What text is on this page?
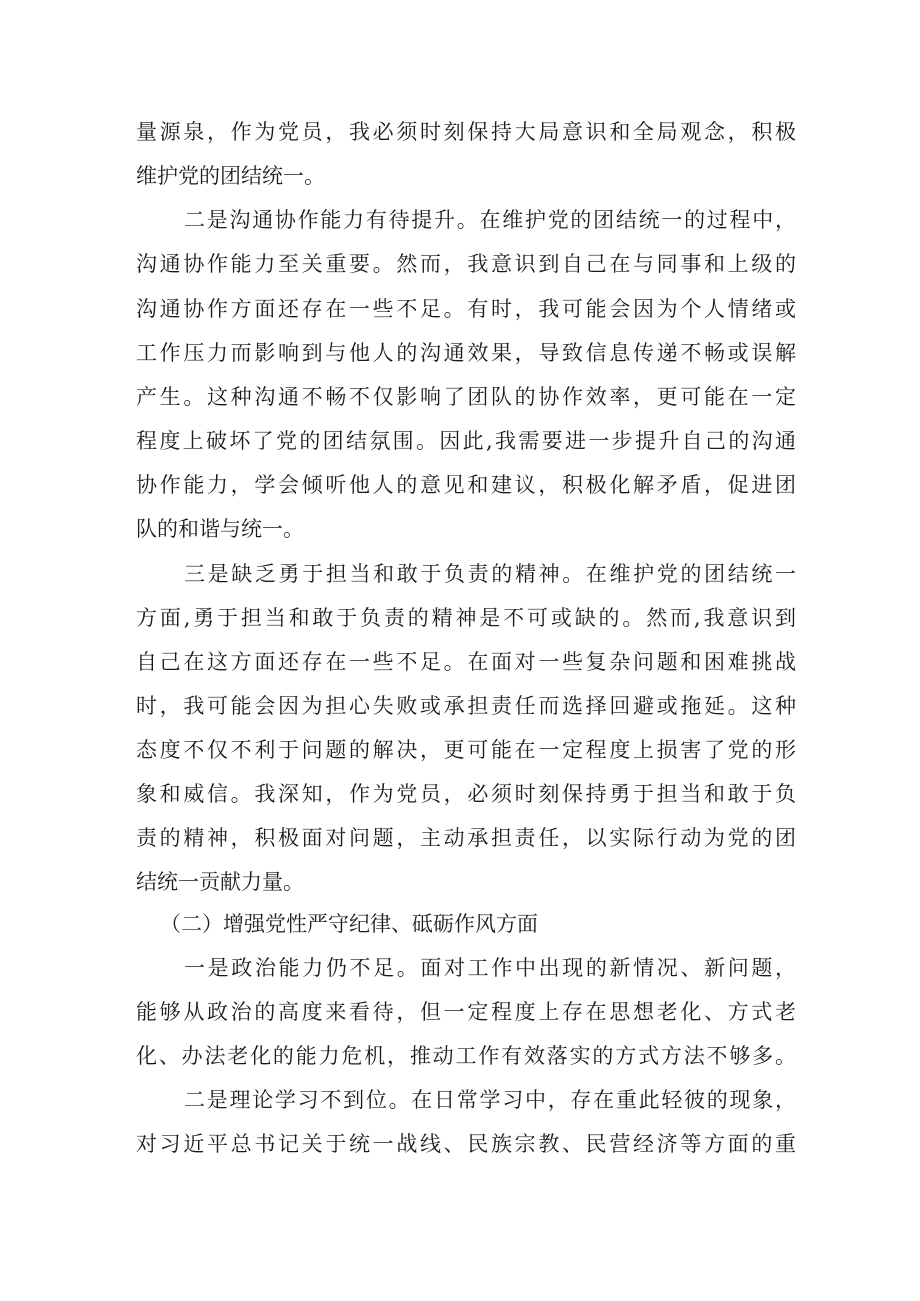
量源泉，作为党员，我必须时刻保持大局意识和全局观念，积极
维护党的团结统一。
二是沟通协作能力有待提升。在维护党的团结统一的过程中，
沟通协作能力至关重要。然而，我意识到自己在与同事和上级的
沟通协作方面还存在一些不足。有时，我可能会因为个人情绪或
工作压力而影响到与他人的沟通效果，导致信息传递不畅或误解
产生。这种沟通不畅不仅影响了团队的协作效率，更可能在一定
程度上破坏了党的团结氛围。因此,我需要进一步提升自己的沟通
协作能力，学会倾听他人的意见和建议，积极化解矛盾，促进团
队的和谐与统一。
三是缺乏勇于担当和敢于负责的精神。在维护党的团结统一
方面,勇于担当和敢于负责的精神是不可或缺的。然而,我意识到
自己在这方面还存在一些不足。在面对一些复杂问题和困难挑战
时，我可能会因为担心失败或承担责任而选择回避或拖延。这种
态度不仅不利于问题的解决，更可能在一定程度上损害了党的形
象和威信。我深知，作为党员，必须时刻保持勇于担当和敢于负
责的精神，积极面对问题，主动承担责任，以实际行动为党的团
结统一贡献力量。
（二）增强党性严守纪律、砥砺作风方面
一是政治能力仍不足。面对工作中出现的新情况、新问题，
能够从政治的高度来看待，但一定程度上存在思想老化、方式老
化、办法老化的能力危机，推动工作有效落实的方式方法不够多。
二是理论学习不到位。在日常学习中，存在重此轻彼的现象，
对习近平总书记关于统一战线、民族宗教、民营经济等方面的重
